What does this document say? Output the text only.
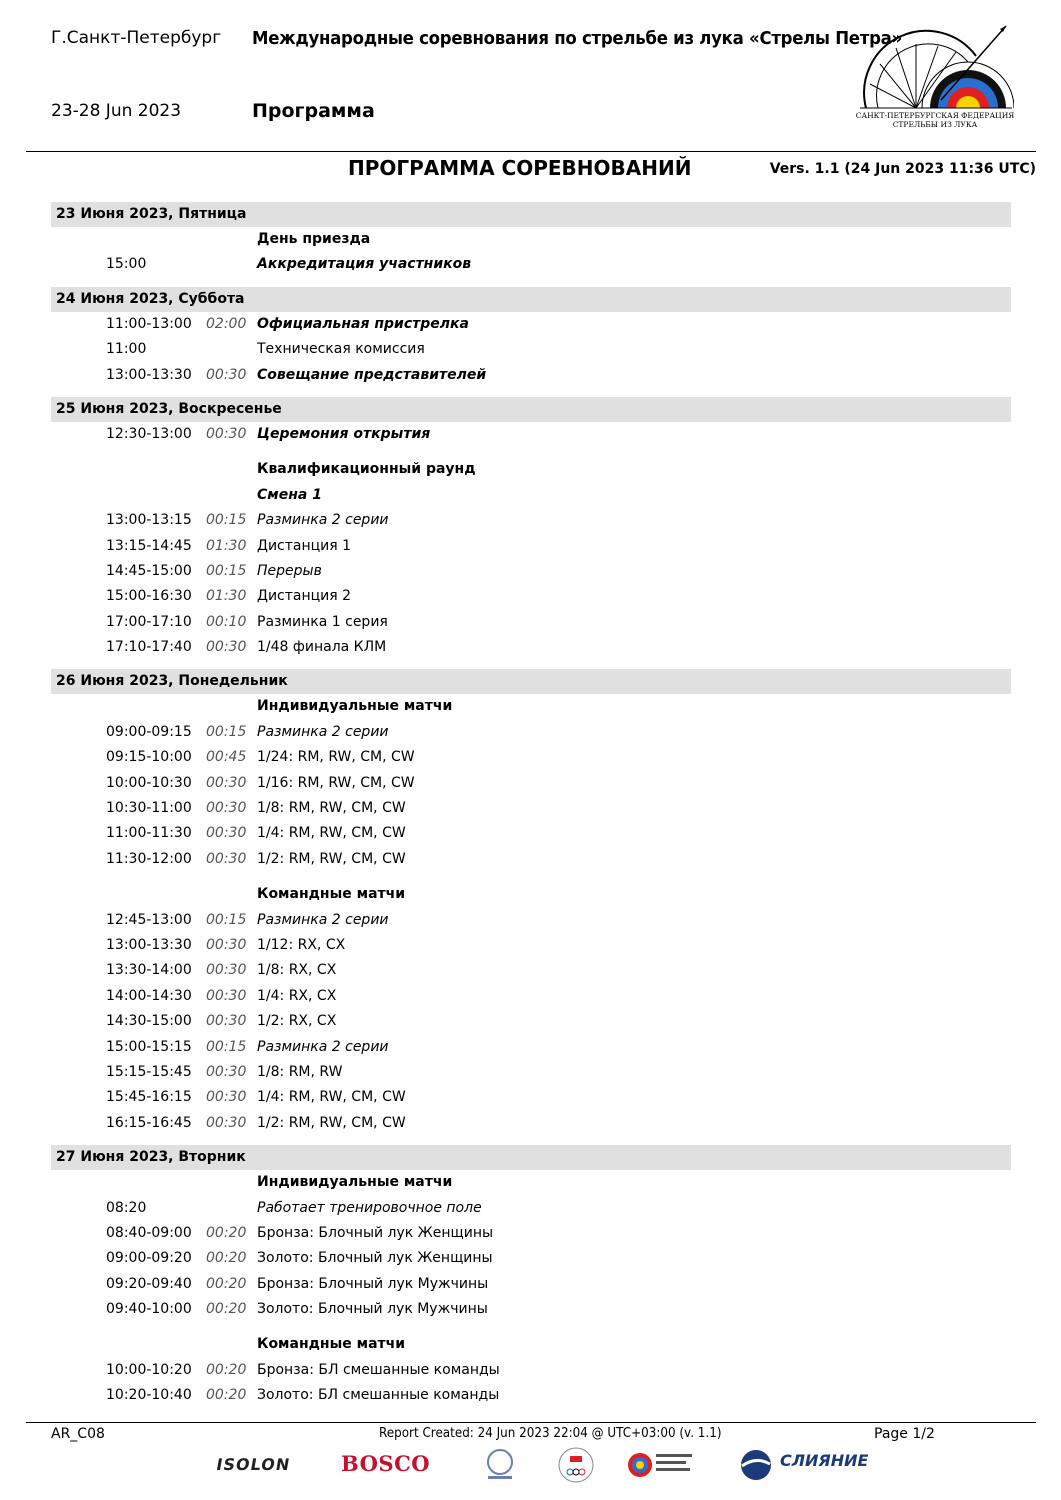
Г.Санкт-Петербург Международные соревнования по стрельбе из лука «Стрелы Петра»
23-28 Jun 2023	Программа	САНКТ-ПЕТЕРБУРГСКАЯ ФЕДЕРАЦИЯ
СТРЕЛЬБЫ ИЗ ЛУКА
ПРОГРАММА СОРЕВНОВАНИЙ	Vers. 1.1 (24 Jun 2023 11:36 UTC)
23 Июня 2023, Пятница
День приезда
15:00	Аккредитация участников
24 Июня 2023, Суббота
11:00-13:00 02:00 Официальная пристрелка
11:00	Техническая комиссия
13:00-13:30 00:30 Совещание представителей
25 Июня 2023, Воскресенье
12:30-13:00 00:30 Церемония открытия
Квалификационный раунд
Смена 1
13:00-13:15 00:15 Разминка 2 серии
13:15-14:45 01:30 Дистанция 1
14:45-15:00 00:15 Перерыв
15:00-16:30 01:30 Дистанция 2
17:00-17:10 00:10 Разминка 1 серия
17:10-17:40 00:30 1/48 финала КЛМ
26 Июня 2023, Понедельник
Индивидуальные матчи
09:00-09:15 00:15 Разминка 2 серии
09:15-10:00 00:45 1/24: RM, RW, CM, CW
10:00-10:30 00:30 1/16: RM, RW, CM, CW
10:30-11:00 00:30 1/8: RM, RW, CM, CW
11:00-11:30 00:30 1/4: RM, RW, CM, CW
11:30-12:00 00:30 1/2: RM, RW, CM, CW
Командные матчи
12:45-13:00 00:15 Разминка 2 серии
13:00-13:30 00:30 1/12: RX, CX
13:30-14:00 00:30 1/8: RX, CX
14:00-14:30 00:30 1/4: RX, CX
14:30-15:00 00:30 1/2: RX, CX
15:00-15:15 00:15 Разминка 2 серии
15:15-15:45 00:30 1/8: RM, RW
15:45-16:15 00:30 1/4: RM, RW, CM, CW
16:15-16:45 00:30 1/2: RM, RW, CM, CW
27 Июня 2023, Вторник
Индивидуальные матчи
08:20	Работает тренировочное поле
08:40-09:00 00:20 Бронза: Блочный лук Женщины
09:00-09:20 00:20 Золото: Блочный лук Женщины
09:20-09:40 00:20 Бронза: Блочный лук Мужчины
09:40-10:00 00:20 Золото: Блочный лук Мужчины
Командные матчи
10:00-10:20 00:20 Бронза: БЛ смешанные команды
10:20-10:40 00:20 Золото: БЛ смешанные команды
AR_C08	Report Created: 24 Jun 2023 22:04 @ UTC+03:00 (v. 1.1)	Page 1/2
ISOLON BOSCO	СЛИЯНИЕ
